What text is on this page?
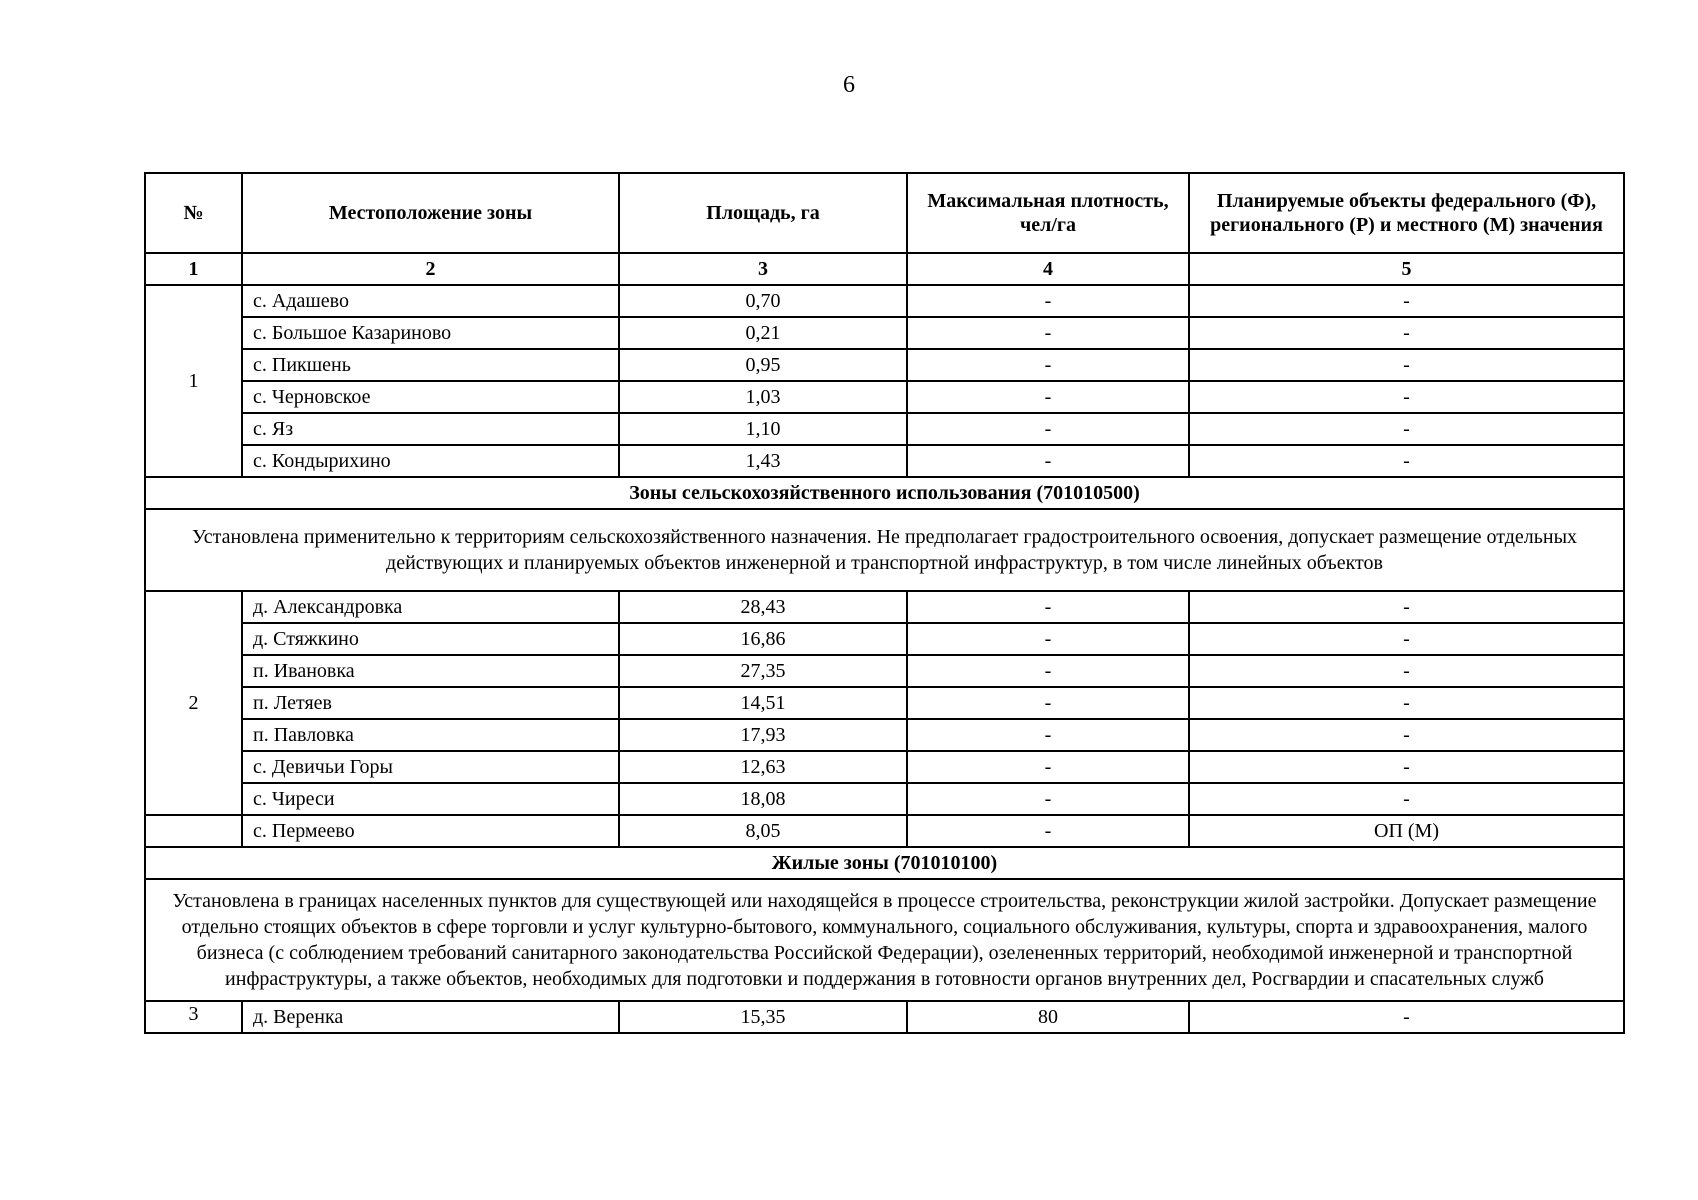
6
№	Местоположение зоны	Площадь, га	Максимальная плотность, чел/га	Планируемые объекты федерального (Ф), регионального (Р) и местного (М) значения
1	2	3	4	5
1	с. Адашево	0,70	-	-
	с. Большое Казариново	0,21	-	-
	с. Пикшень	0,95	-	-
	с. Черновское	1,03	-	-
	с. Яз	1,10	-	-
	с. Кондырихино	1,43	-	-
Зоны сельскохозяйственного использования (701010500)				
Установлена применительно к территориям сельскохозяйственного назначения. Не предполагает градостроительного освоения, допускает размещение отдельных действующих и планируемых объектов инженерной и транспортной инфраструктур, в том числе линейных объектов				
2	д. Александровка	28,43	-	-
	д. Стяжкино	16,86	-	-
	п. Ивановка	27,35	-	-
	п. Летяев	14,51	-	-
	п. Павловка	17,93	-	-
	с. Девичьи Горы	12,63	-	-
	с. Чиреси	18,08	-	-
	с. Пермеево	8,05	-	ОП (М)
Жилые зоны (701010100)				
Установлена в границах населенных пунктов для существующей или находящейся в процессе строительства, реконструкции жилой застройки. Допускает размещение отдельно стоящих объектов в сфере торговли и услуг культурно-бытового, коммунального, социального обслуживания, культуры, спорта и здравоохранения, малого бизнеса (с соблюдением требований санитарного законодательства Российской Федерации), озелененных территорий, необходимой инженерной и транспортной инфраструктуры, а также объектов, необходимых для подготовки и поддержания в готовности органов внутренних дел, Росгвардии и спасательных служб				
3	д. Веренка	15,35	80	-
